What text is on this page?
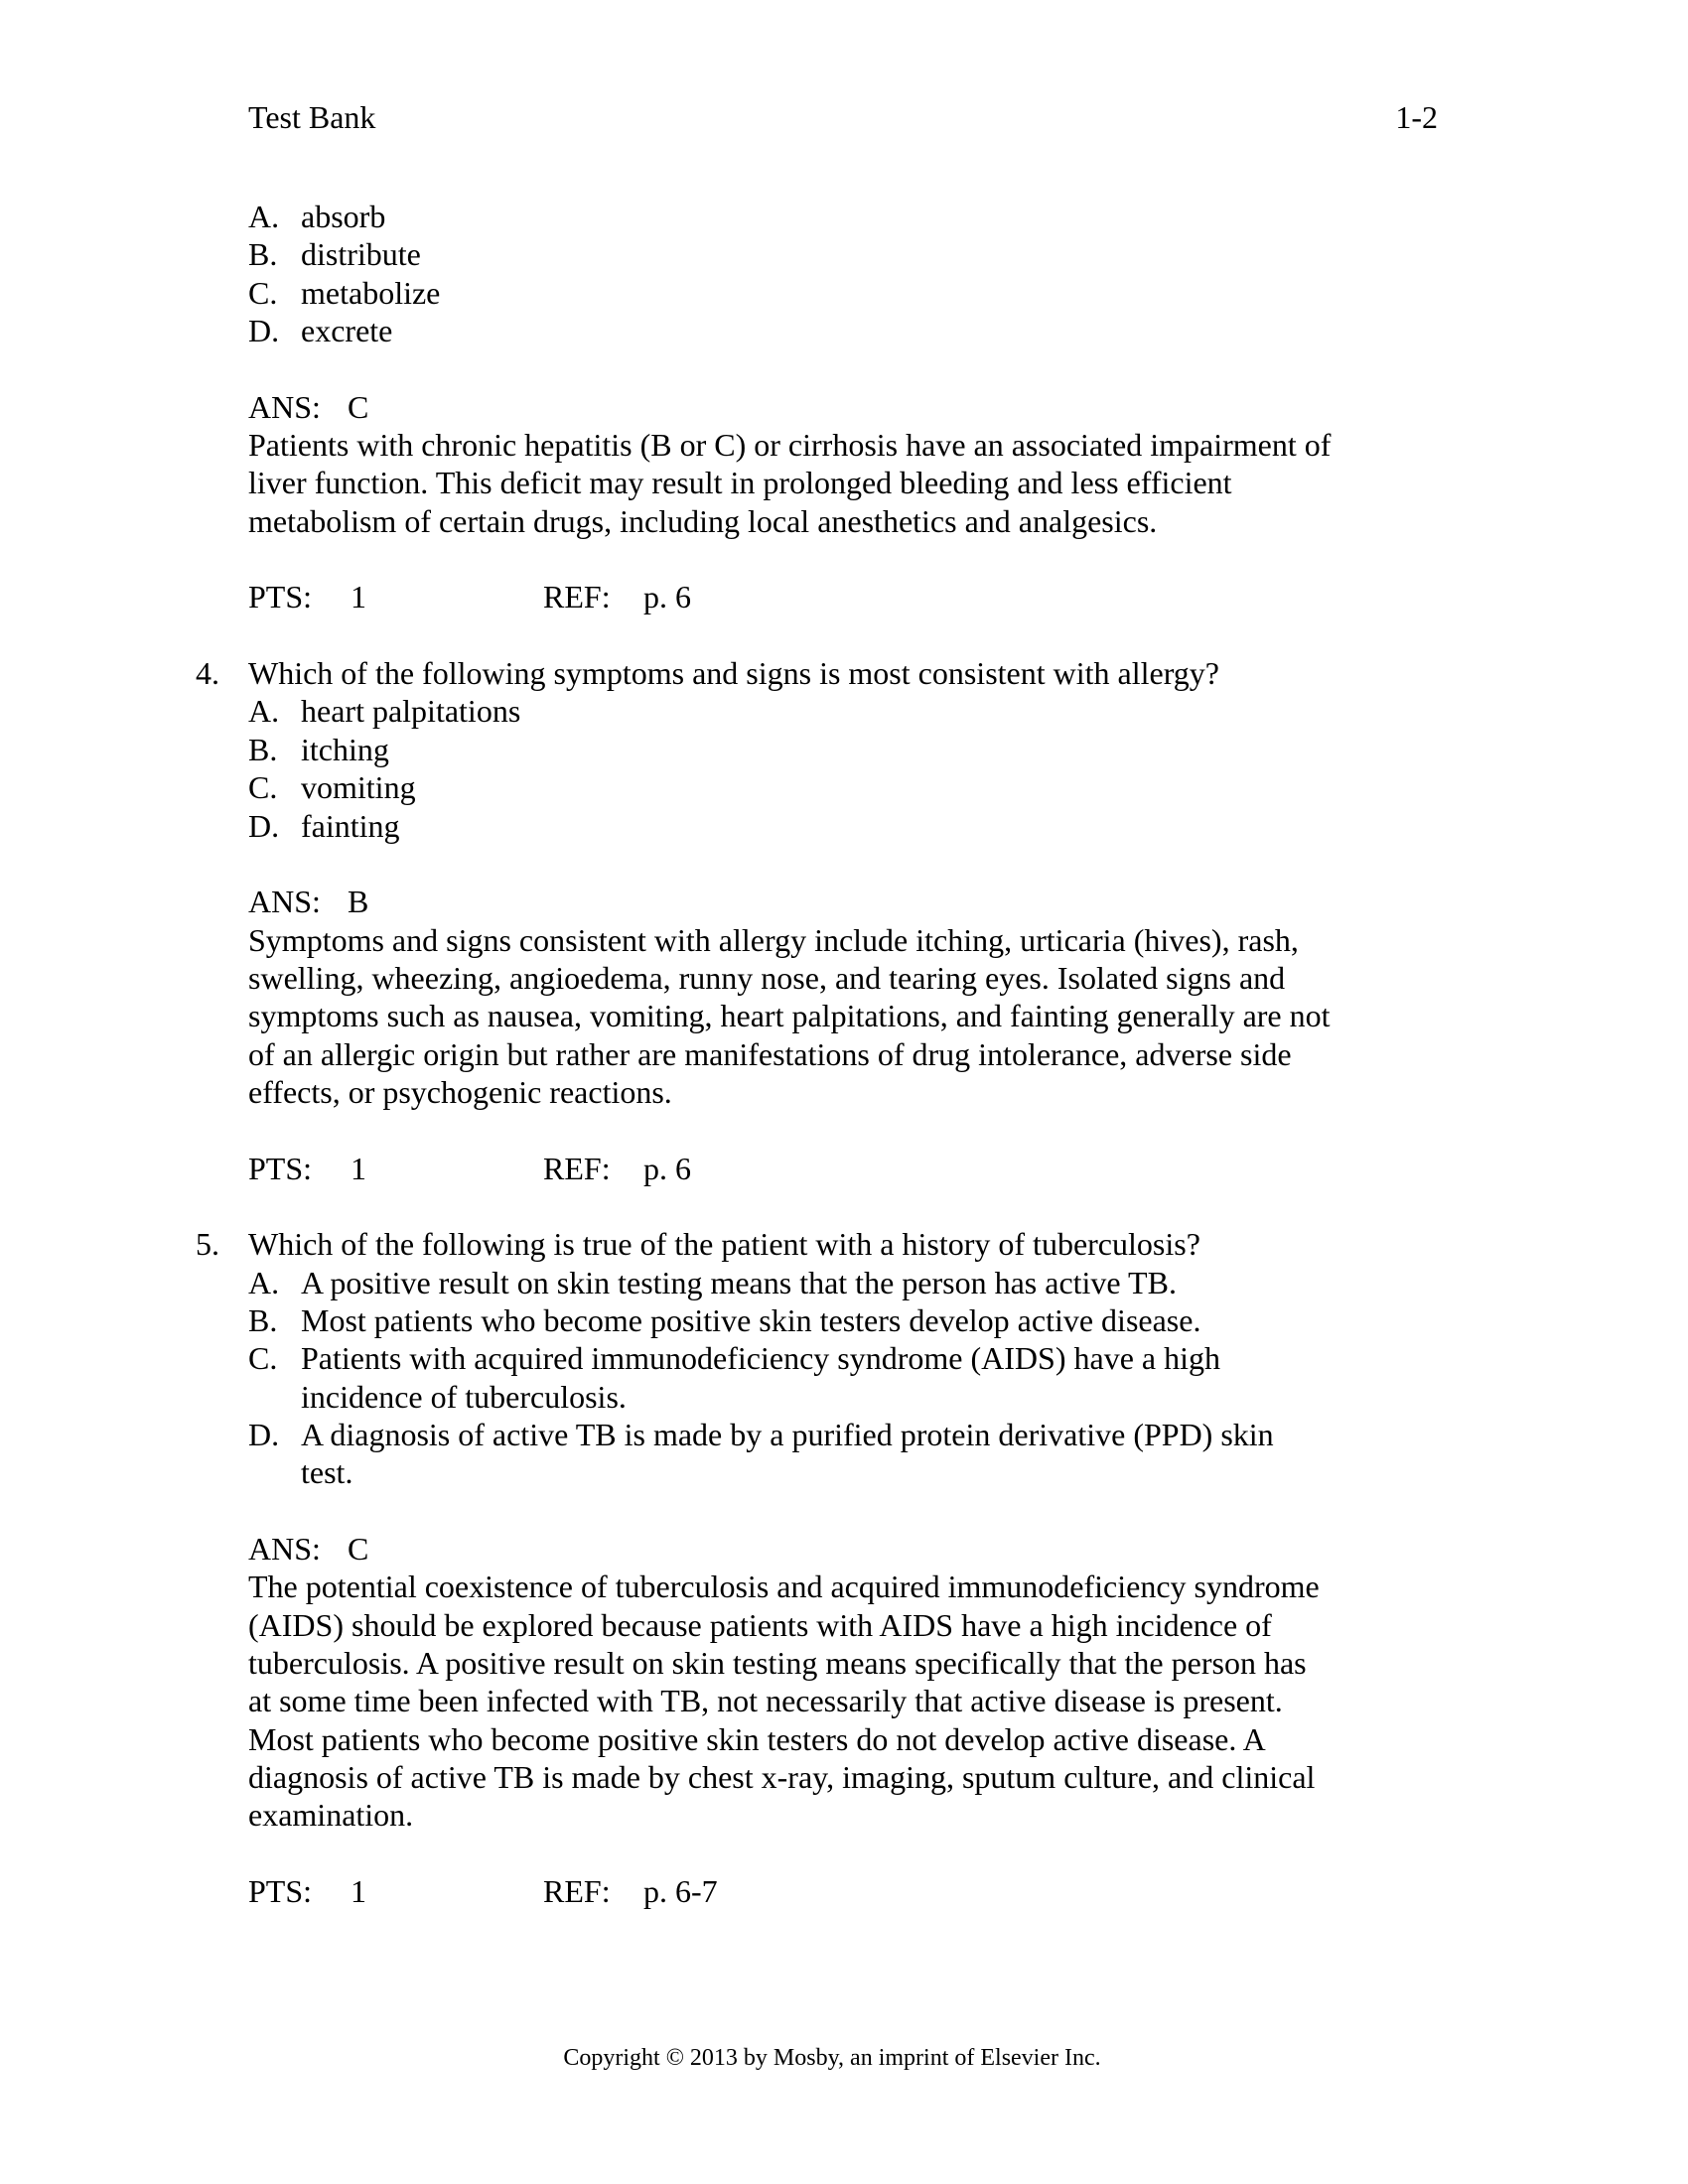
Test Bank	1-2
A. absorb
B. distribute
C. metabolize
D. excrete
ANS: C
Patients with chronic hepatitis (B or C) or cirrhosis have an associated impairment of
liver function. This deficit may result in prolonged bleeding and less efficient
metabolism of certain drugs, including local anesthetics and analgesics.
PTS: 1	REF: p. 6
4. Which of the following symptoms and signs is most consistent with allergy?
A. heart palpitations
B. itching
C. vomiting
D. fainting
ANS: B
Symptoms and signs consistent with allergy include itching, urticaria (hives), rash,
swelling, wheezing, angioedema, runny nose, and tearing eyes. Isolated signs and
symptoms such as nausea, vomiting, heart palpitations, and fainting generally are not
of an allergic origin but rather are manifestations of drug intolerance, adverse side
effects, or psychogenic reactions.
PTS: 1	REF: p. 6
5. Which of the following is true of the patient with a history of tuberculosis?
A. A positive result on skin testing means that the person has active TB.
B. Most patients who become positive skin testers develop active disease.
C. Patients with acquired immunodeficiency syndrome (AIDS) have a high
incidence of tuberculosis.
D. A diagnosis of active TB is made by a purified protein derivative (PPD) skin
test.
ANS: C
The potential coexistence of tuberculosis and acquired immunodeficiency syndrome
(AIDS) should be explored because patients with AIDS have a high incidence of
tuberculosis. A positive result on skin testing means specifically that the person has
at some time been infected with TB, not necessarily that active disease is present.
Most patients who become positive skin testers do not develop active disease. A
diagnosis of active TB is made by chest x-ray, imaging, sputum culture, and clinical
examination.
PTS: 1	REF: p. 6-7
Copyright © 2013 by Mosby, an imprint of Elsevier Inc.
